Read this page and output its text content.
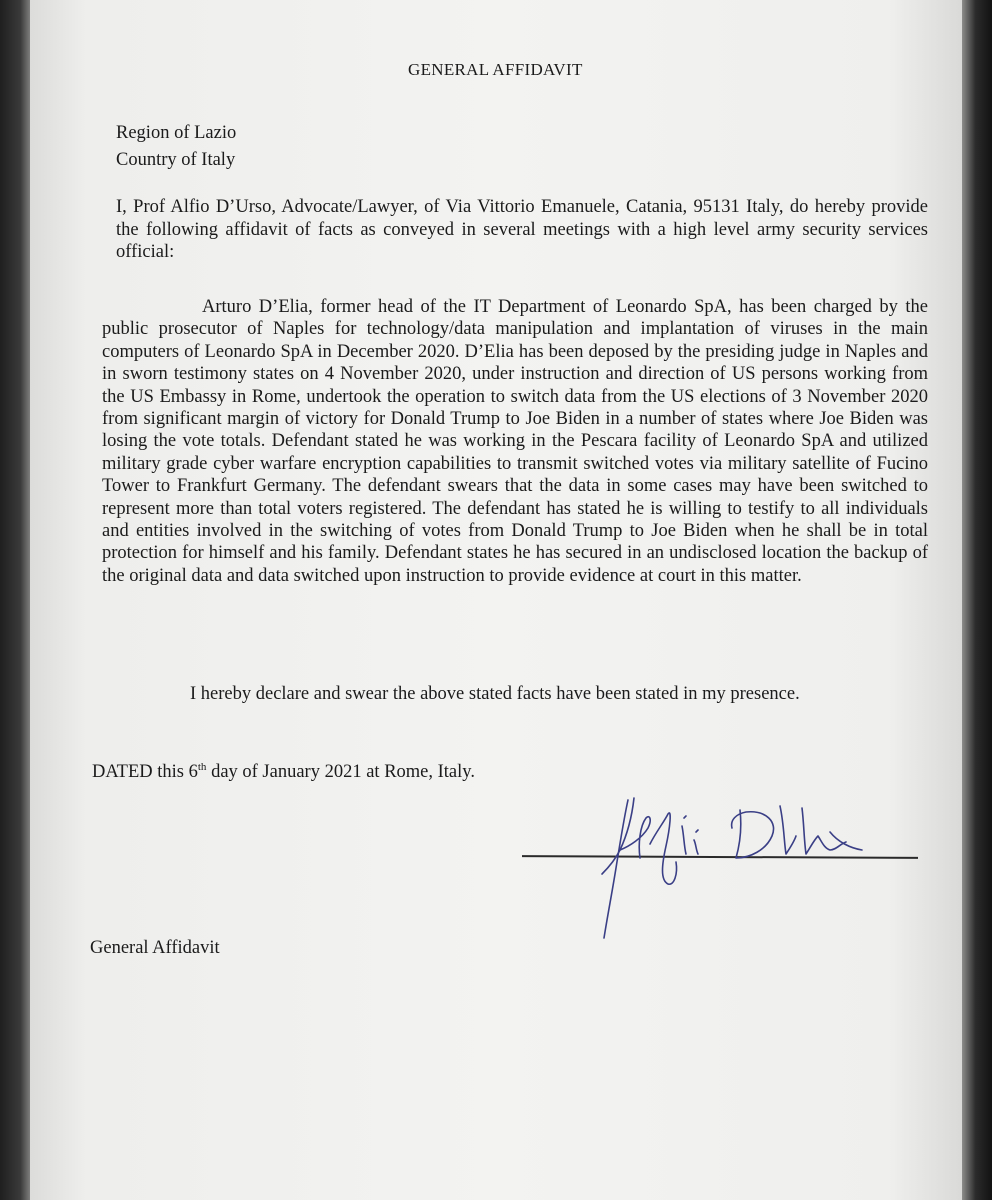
GENERAL AFFIDAVIT

Region of Lazio
Country of Italy

I, Prof Alfio D’Urso, Advocate/Lawyer, of Via Vittorio Emanuele, Catania, 95131 Italy, do hereby provide the following affidavit of facts as conveyed in several meetings with a high level army security services official:

Arturo D’Elia, former head of the IT Department of Leonardo SpA, has been charged by the public prosecutor of Naples for technology/data manipulation and implantation of viruses in the main computers of Leonardo SpA in December 2020. D’Elia has been deposed by the presiding judge in Naples and in sworn testimony states on 4 November 2020, under instruction and direction of US persons working from the US Embassy in Rome, undertook the operation to switch data from the US elections of 3 November 2020 from significant margin of victory for Donald Trump to Joe Biden in a number of states where Joe Biden was losing the vote totals. Defendant stated he was working in the Pescara facility of Leonardo SpA and utilized military grade cyber warfare encryption capabilities to transmit switched votes via military satellite of Fucino Tower to Frankfurt Germany. The defendant swears that the data in some cases may have been switched to represent more than total voters registered. The defendant has stated he is willing to testify to all individuals and entities involved in the switching of votes from Donald Trump to Joe Biden when he shall be in total protection for himself and his family. Defendant states he has secured in an undisclosed location the backup of the original data and data switched upon instruction to provide evidence at court in this matter.

I hereby declare and swear the above stated facts have been stated in my presence.

DATED this 6th day of January 2021 at Rome, Italy.

General Affidavit
